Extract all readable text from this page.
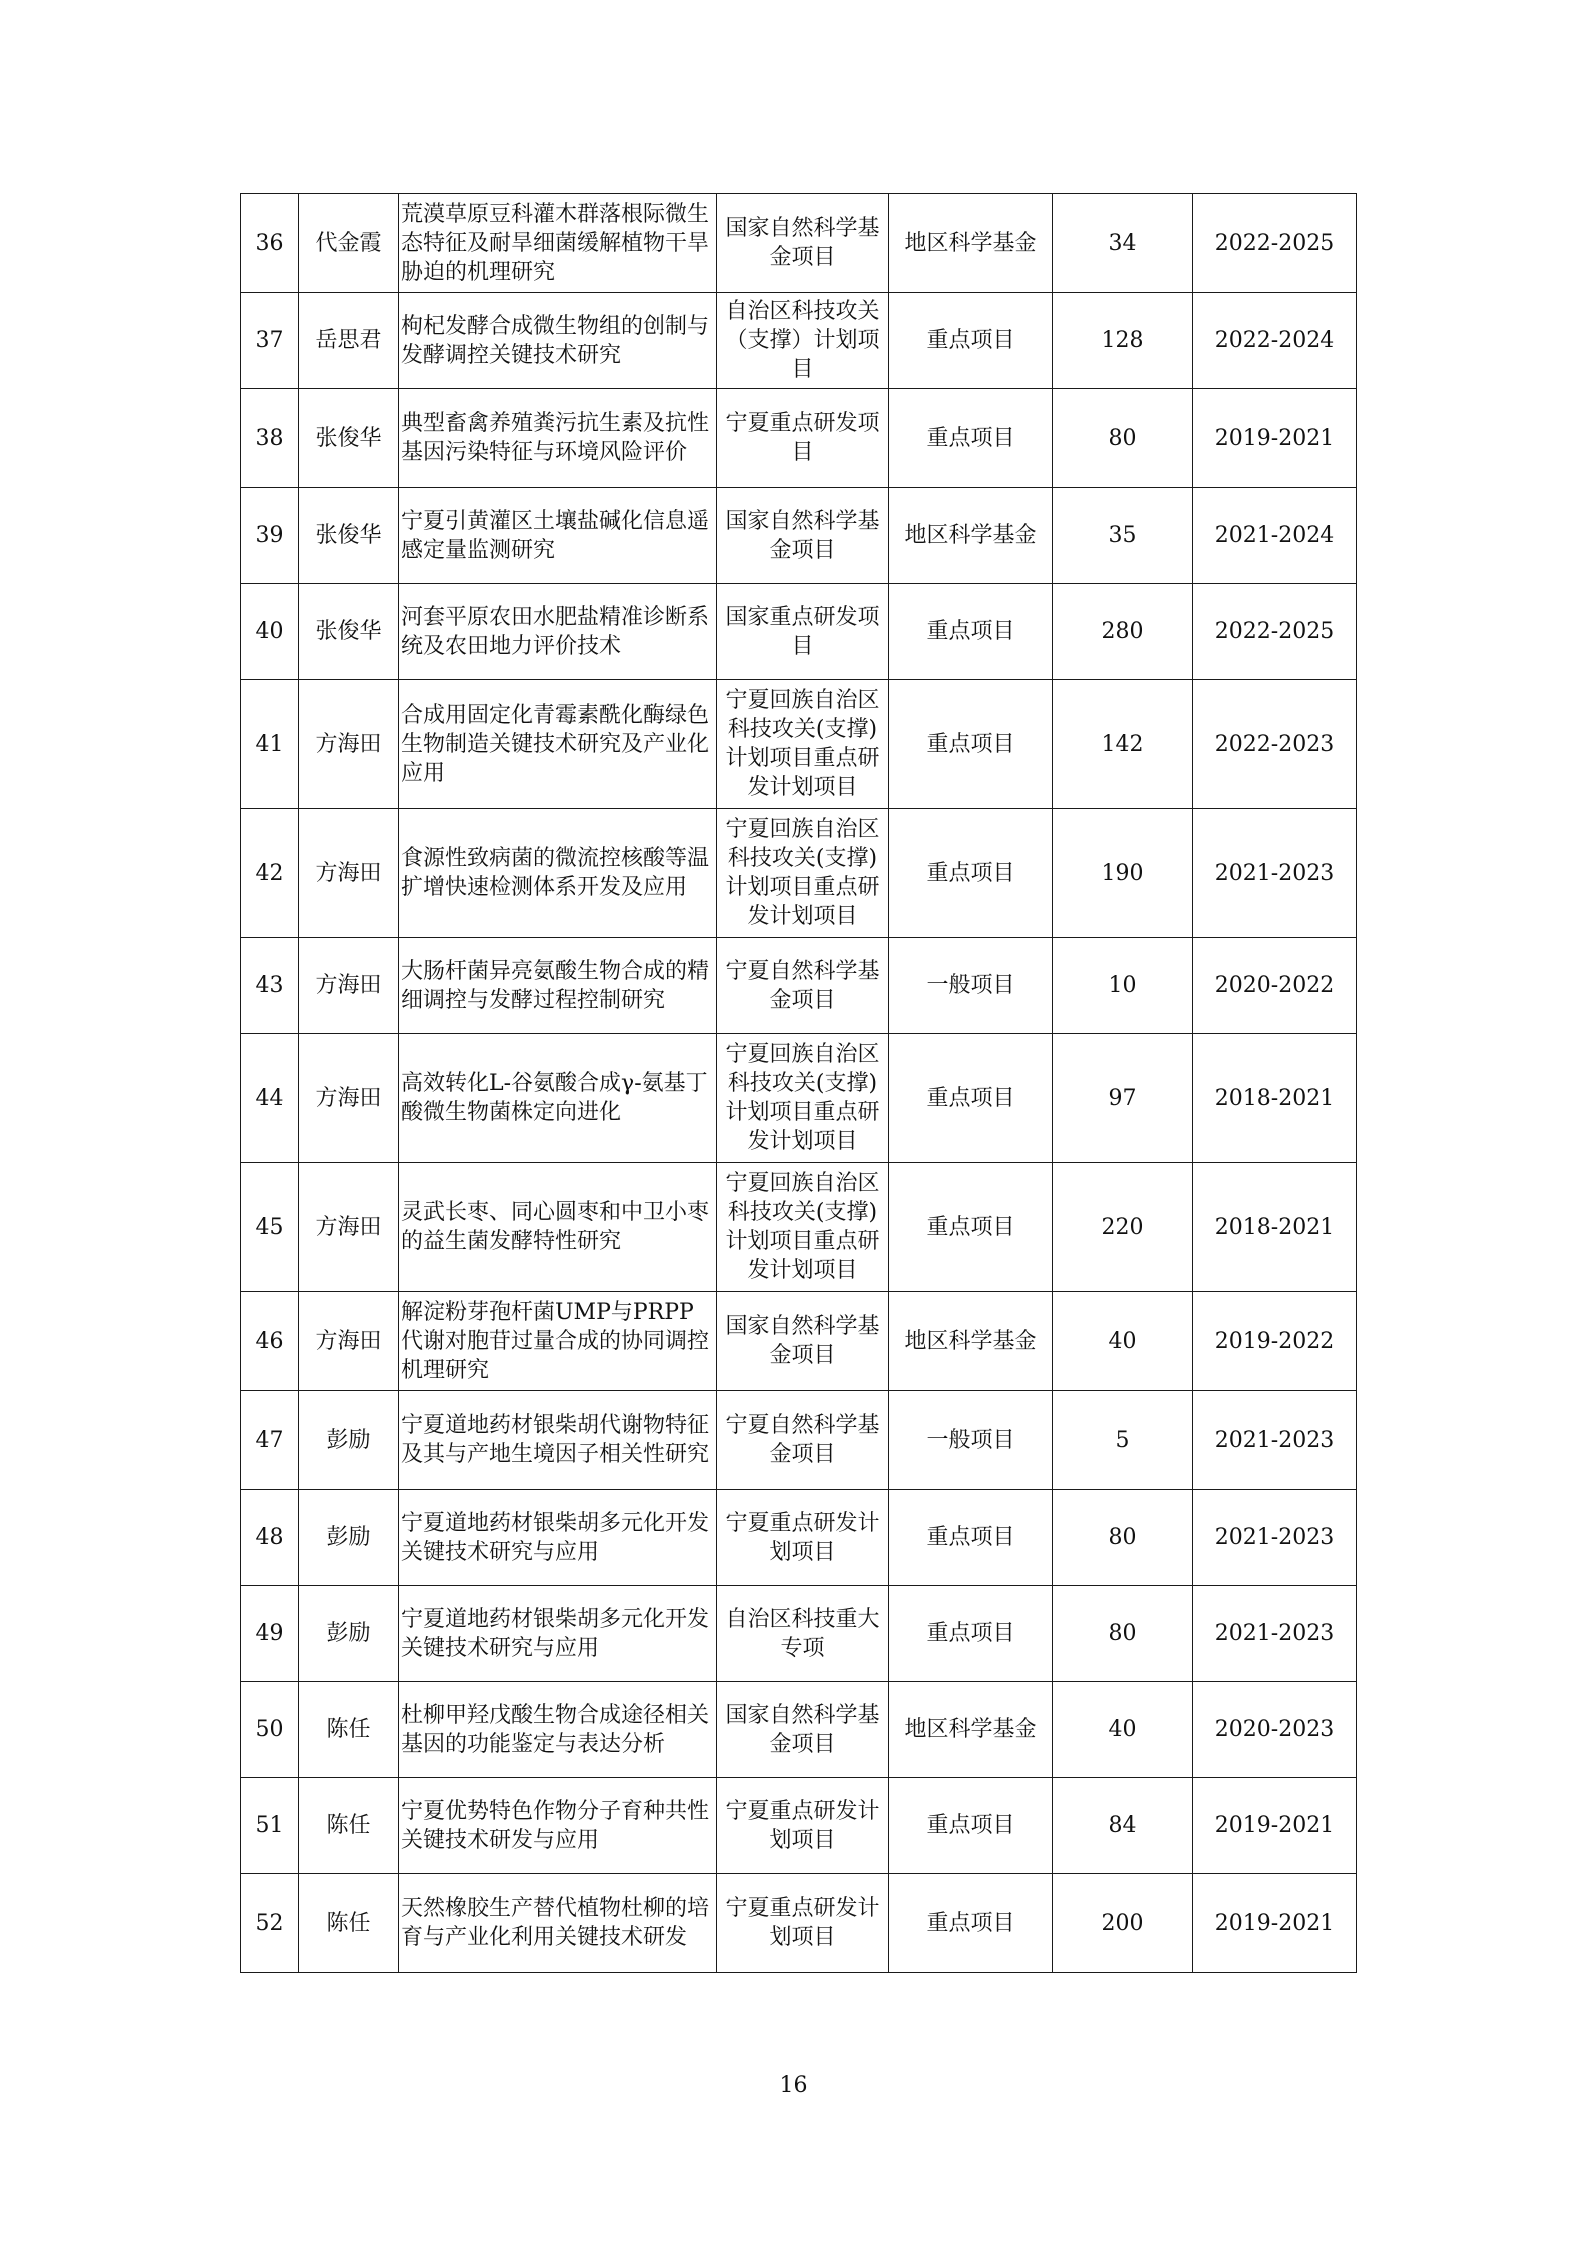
36	代金霞	荒漠草原豆科灌木群落根际微生态特征及耐旱细菌缓解植物干旱胁迫的机理研究	国家自然科学基金项目	地区科学基金	34	2022-2025
37	岳思君	枸杞发酵合成微生物组的创制与发酵调控关键技术研究	自治区科技攻关（支撑）计划项目	重点项目	128	2022-2024
38	张俊华	典型畜禽养殖粪污抗生素及抗性基因污染特征与环境风险评价	宁夏重点研发项目	重点项目	80	2019-2021
39	张俊华	宁夏引黄灌区土壤盐碱化信息遥感定量监测研究	国家自然科学基金项目	地区科学基金	35	2021-2024
40	张俊华	河套平原农田水肥盐精准诊断系统及农田地力评价技术	国家重点研发项目	重点项目	280	2022-2025
41	方海田	合成用固定化青霉素酰化酶绿色生物制造关键技术研究及产业化应用	宁夏回族自治区科技攻关(支撑)计划项目重点研发计划项目	重点项目	142	2022-2023
42	方海田	食源性致病菌的微流控核酸等温扩增快速检测体系开发及应用	宁夏回族自治区科技攻关(支撑)计划项目重点研发计划项目	重点项目	190	2021-2023
43	方海田	大肠杆菌异亮氨酸生物合成的精细调控与发酵过程控制研究	宁夏自然科学基金项目	一般项目	10	2020-2022
44	方海田	高效转化L-谷氨酸合成γ-氨基丁酸微生物菌株定向进化	宁夏回族自治区科技攻关(支撑)计划项目重点研发计划项目	重点项目	97	2018-2021
45	方海田	灵武长枣、同心圆枣和中卫小枣的益生菌发酵特性研究	宁夏回族自治区科技攻关(支撑)计划项目重点研发计划项目	重点项目	220	2018-2021
46	方海田	解淀粉芽孢杆菌UMP与PRPP代谢对胞苷过量合成的协同调控机理研究	国家自然科学基金项目	地区科学基金	40	2019-2022
47	彭励	宁夏道地药材银柴胡代谢物特征及其与产地生境因子相关性研究	宁夏自然科学基金项目	一般项目	5	2021-2023
48	彭励	宁夏道地药材银柴胡多元化开发关键技术研究与应用	宁夏重点研发计划项目	重点项目	80	2021-2023
49	彭励	宁夏道地药材银柴胡多元化开发关键技术研究与应用	自治区科技重大专项	重点项目	80	2021-2023
50	陈任	杜柳甲羟戊酸生物合成途径相关基因的功能鉴定与表达分析	国家自然科学基金项目	地区科学基金	40	2020-2023
51	陈任	宁夏优势特色作物分子育种共性关键技术研发与应用	宁夏重点研发计划项目	重点项目	84	2019-2021
52	陈任	天然橡胶生产替代植物杜柳的培育与产业化利用关键技术研发	宁夏重点研发计划项目	重点项目	200	2019-2021
16
